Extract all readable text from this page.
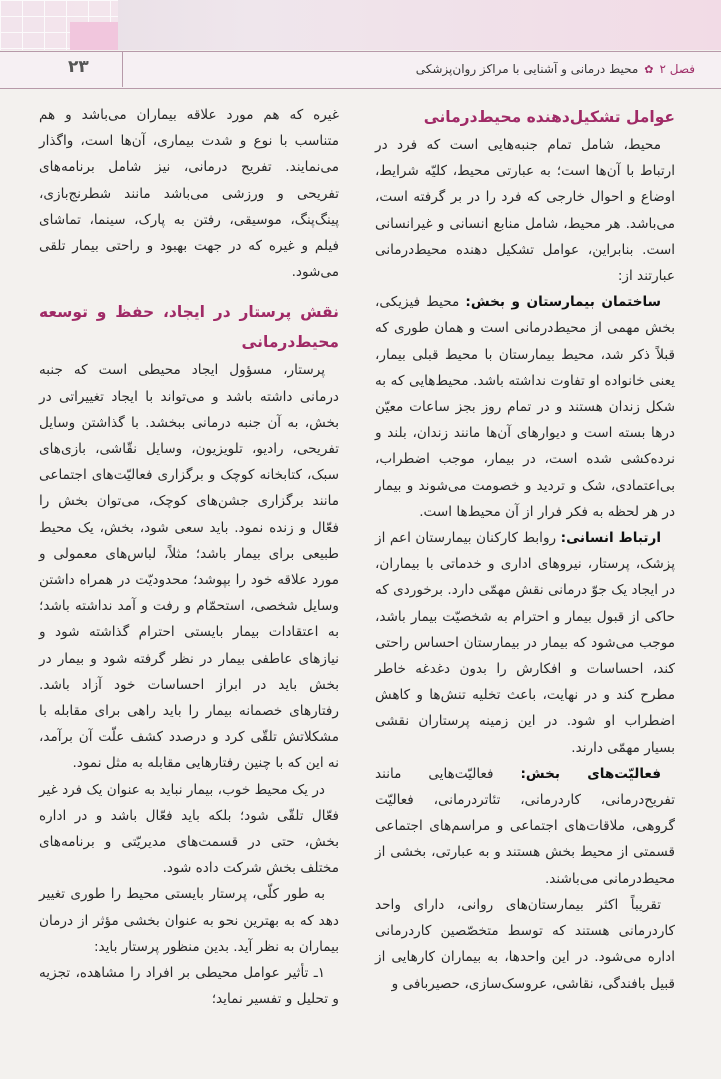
۲۳	فصل ۲✿محیط درمانی و آشنایی با مراکز روان‌پزشکی

عوامل تشکیل‌دهنده محیط‌درمانی

محیط، شامل تمام جنبه‌هایی است که فرد در ارتباط با آن‌ها است؛ به عبارتی محیط، کلیّه شرایط، اوضاع و احوال خارجی که فرد را در بر گرفته است، می‌باشد. هر محیط، شامل منابع انسانی و غیرانسانی است. بنابراین، عوامل تشکیل دهنده محیط‌درمانی عبارتند از:

ساختمان بیمارستان و بخش: محیط فیزیکی، بخش مهمی از محیط‌درمانی است و همان طوری که قبلاً ذکر شد، محیط بیمارستان با محیط قبلی بیمار، یعنی خانواده او تفاوت نداشته باشد. محیط‌هایی که به شکل زندان هستند و در تمام روز بجز ساعات معیّن درها بسته است و دیوارهای آن‌ها مانند زندان، بلند و نرده‌کشی شده است، در بیمار، موجب اضطراب، بی‌اعتمادی، شک و تردید و خصومت می‌شوند و بیمار در هر لحظه به فکر فرار از آن محیط‌ها است.

ارتباط انسانی: روابط کارکنان بیمارستان اعم از پزشک، پرستار، نیروهای اداری و خدماتی با بیماران، در ایجاد یک جوّ درمانی نقش مهمّی دارد. برخوردی که حاکی از قبول بیمار و احترام به شخصیّت بیمار باشد، موجب می‌شود که بیمار در بیمارستان احساس راحتی کند، احساسات و افکارش را بدون دغدغه خاطر مطرح کند و در نهایت، باعث تخلیه تنش‌ها و کاهش اضطراب او شود. در این زمینه پرستاران نقشی بسیار مهمّی دارند.

فعالیّت‌های بخش: فعالیّت‌هایی مانند تفریح‌درمانی، کاردرمانی، تئاتردرمانی، فعالیّت گروهی، ملاقات‌های اجتماعی و مراسم‌های اجتماعی قسمتی از محیط بخش هستند و به عبارتی، بخشی از محیط‌درمانی می‌باشند.

تقریباً اکثر بیمارستان‌های روانی، دارای واحد کاردرمانی هستند که توسط متخصّصین کاردرمانی اداره می‌شود. در این واحدها، به بیماران کارهایی از قبیل بافندگی، نقاشی، عروسک‌سازی، حصیربافی و

غیره که هم مورد علاقه بیماران می‌باشد و هم متناسب با نوع و شدت بیماری، آن‌ها است، واگذار می‌نمایند. تفریح درمانی، نیز شامل برنامه‌های تفریحی و ورزشی می‌باشد مانند شطرنج‌بازی، پینگ‌پنگ، موسیقی، رفتن به پارک، سینما، تماشای فیلم و غیره که در جهت بهبود و راحتی بیمار تلقی می‌شود.

نقش پرستار در ایجاد، حفظ و توسعه محیط‌درمانی

پرستار، مسؤول ایجاد محیطی است که جنبه درمانی داشته باشد و می‌تواند با ایجاد تغییراتی در بخش، به آن جنبه درمانی ببخشد. با گذاشتن وسایل تفریحی، رادیو، تلویزیون، وسایل نقّاشی، بازی‌های سبک، کتابخانه کوچک و برگزاری فعالیّت‌های اجتماعی مانند برگزاری جشن‌های کوچک، می‌توان بخش را فعّال و زنده نمود. باید سعی شود، بخش، یک محیط طبیعی برای بیمار باشد؛ مثلاً، لباس‌های معمولی و مورد علاقه خود را بپوشد؛ محدودیّت در همراه داشتن وسایل شخصی، استحمّام و رفت و آمد نداشته باشد؛ به اعتقادات بیمار بایستی احترام گذاشته شود و نیازهای عاطفی بیمار در نظر گرفته شود و بیمار در بخش باید در ابراز احساسات خود آزاد باشد. رفتارهای خصمانه بیمار را باید راهی برای مقابله با مشکلاتش تلقّی کرد و درصدد کشف علّت آن برآمد، نه این که با چنین رفتارهایی مقابله به مثل نمود.

در یک محیط خوب، بیمار نباید به عنوان یک فرد غیر فعّال تلقّی شود؛ بلکه باید فعّال باشد و در اداره بخش، حتی در قسمت‌های مدیریّتی و برنامه‌های مختلف بخش شرکت داده شود.

به طور کلّی، پرستار بایستی محیط را طوری تغییر دهد که به بهترین نحو به عنوان بخشی مؤثر از درمان بیماران به نظر آید. بدین منظور پرستار باید:

۱ـ تأثیر عوامل محیطی بر افراد را مشاهده، تجزیه و تحلیل و تفسیر نماید؛
